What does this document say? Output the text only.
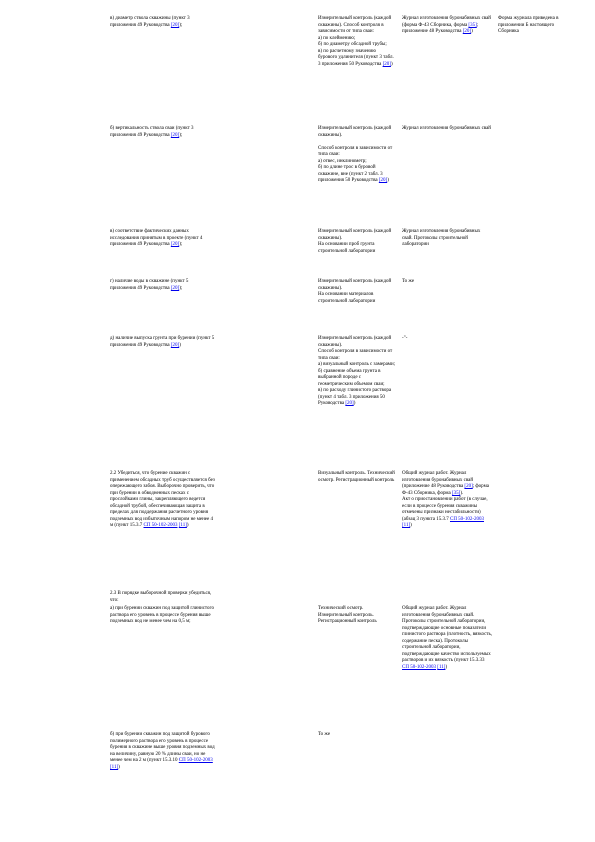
в) диаметр ствола скважины (пункт 3 приложения 49 Руководства [20]);
Измерительный контроль (каждой скважины). Способ контроля в зависимости от типа сваи:
а) по клеймению;
б) по диаметру обсадной трубы;
в) по расчетному значению бурового удлинителя (пункт 3 табл. 3 приложения 50 Руководства [20])
Журнал изготовления буронабивных свай (форма Ф-43 Сборника, форма [35]; приложение 48 Руководства [20])
Форма журнала приведена в приложении Б настоящего Сборника
б) вертикальность ствола сваи (пункт 3 приложения 49 Руководства [20]);
Измерительный контроль (каждой скважины).

Способ контроля в зависимости от типа сваи:
а) отвес, инклинометр;
б) по длине трос в буровой скважине, вне (пункт 2 табл. 3 приложения 50 Руководства [20])
Журнал изготовления буронабивных свай
в) соответствие фактических данных исследования принятым в проекте (пункт 4 приложения 49 Руководства [20]);
Измерительный контроль (каждой скважины).
На основании проб грунта строительной лаборатории
Журнал изготовления буронабивных свай. Протоколы строительной лаборатории
г) наличие воды в скважине (пункт 5 приложения 49 Руководства [20]);
Измерительный контроль (каждой скважины).
На основании материалов строительной лаборатории
То же
д) наличие выпуска грунта при бурении (пункт 5 приложения 49 Руководства [20])
Измерительный контроль (каждой скважины).
Способ контроля в зависимости от типа сваи:
а) визуальный контроль с замерами;
б) сравнение объема грунта в выбранной породе с геометрическим объемом сваи;
в) по расходу глинистого раствора (пункт 4 табл. 3 приложения 50 Руководства [20])
-"-
2.2 Убедиться, что бурение скважин с применением обсадных труб осуществляется без опережающего забоя. Выборочно проверить, что при бурении в обводненных песках с прослойками глины, закрепляющего ведется обсадной трубой, обеспечивающая защита в пределах для поддержания расчетного уровня подземных вод избыточным напором не менее 4 м (пункт 15.3.7 СП 50-102-2003 [11])
Визуальный контроль. Технический осмотр. Регистрационный контроль
Общий журнал работ. Журнал изготовления буронабивных свай (приложение 48 Руководства [20]; форма Ф-43 Сборника, форма [35]).
Акт о приостановлении работ (в случае, если в процессе бурения скважины отмечены признаки нестабильности) (абзац 3 пункта 15.3.7 СП 50-102-2003 [11])
2.3 В порядке выборочной проверки убедиться, что:
а) при бурении скважин под защитой глинистого раствора его уровень в процессе бурения выше подземных вод не менее чем на 0,5 м;
Технический осмотр. Измерительный контроль. Регистрационный контроль
Общий журнал работ. Журнал изготовления буронабивных свай. Протоколы строительной лаборатории, подтверждающие основные показатели глинистого раствора (плотность, вязкость, содержание песка). Протоколы строительной лаборатории, подтверждающие качество используемых растворов и их вязкость (пункт 15.3.33 СП 50-102-2003 [11])
б) при бурении скважин под защитой бурового полимерного раствора его уровень в процессе бурения в скважине выше уровня подземных вод на величину, равную 20 % длины сваи, но не менее чем на 2 м (пункт 15.3.10 СП 50-102-2003 [11])
То же
